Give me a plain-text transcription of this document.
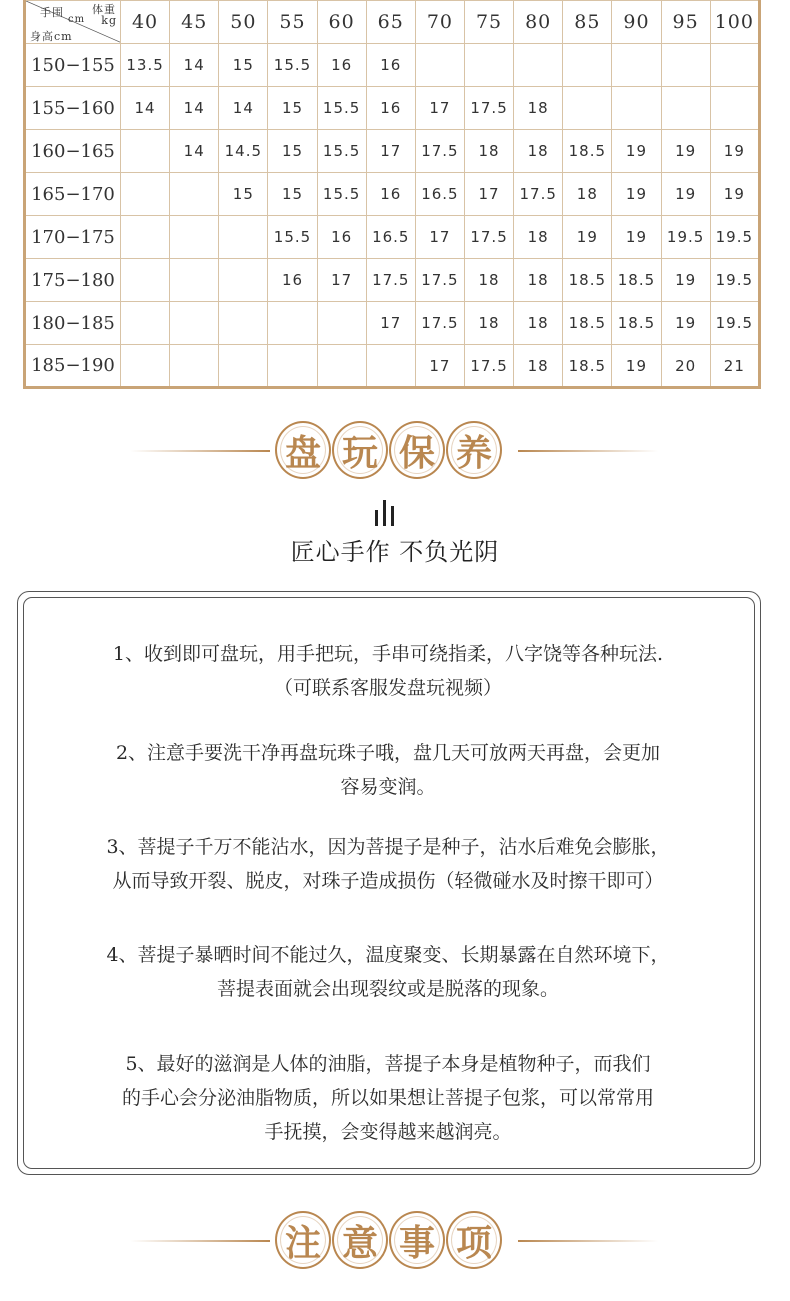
体重
kg
手围
cm
身高cm	40	45	50	55	60	65	70	75	80	85	90	95	100
150−155	13.5	14	15	15.5	16	16							
155−160	14	14	14	15	15.5	16	17	17.5	18				
160−165		14	14.5	15	15.5	17	17.5	18	18	18.5	19	19	19
165−170			15	15	15.5	16	16.5	17	17.5	18	19	19	19
170−175				15.5	16	16.5	17	17.5	18	19	19	19.5	19.5
175−180				16	17	17.5	17.5	18	18	18.5	18.5	19	19.5
180−185						17	17.5	18	18	18.5	18.5	19	19.5
185−190							17	17.5	18	18.5	19	20	21
盘 玩 保 养
匠心手作 不负光阴

1、收到即可盘玩，用手把玩，手串可绕指柔，八字饶等各种玩法.

（可联系客服发盘玩视频）

2、注意手要洗干净再盘玩珠子哦，盘几天可放两天再盘，会更加

容易变润。

3、菩提子千万不能沾水，因为菩提子是种子，沾水后难免会膨胀，

从而导致开裂、脱皮，对珠子造成损伤（轻微碰水及时擦干即可）

4、菩提子暴晒时间不能过久，温度聚变、长期暴露在自然环境下，

菩提表面就会出现裂纹或是脱落的现象。

5、最好的滋润是人体的油脂，菩提子本身是植物种子，而我们

的手心会分泌油脂物质，所以如果想让菩提子包浆，可以常常用

手抚摸，会变得越来越润亮。

注 意 事 项
